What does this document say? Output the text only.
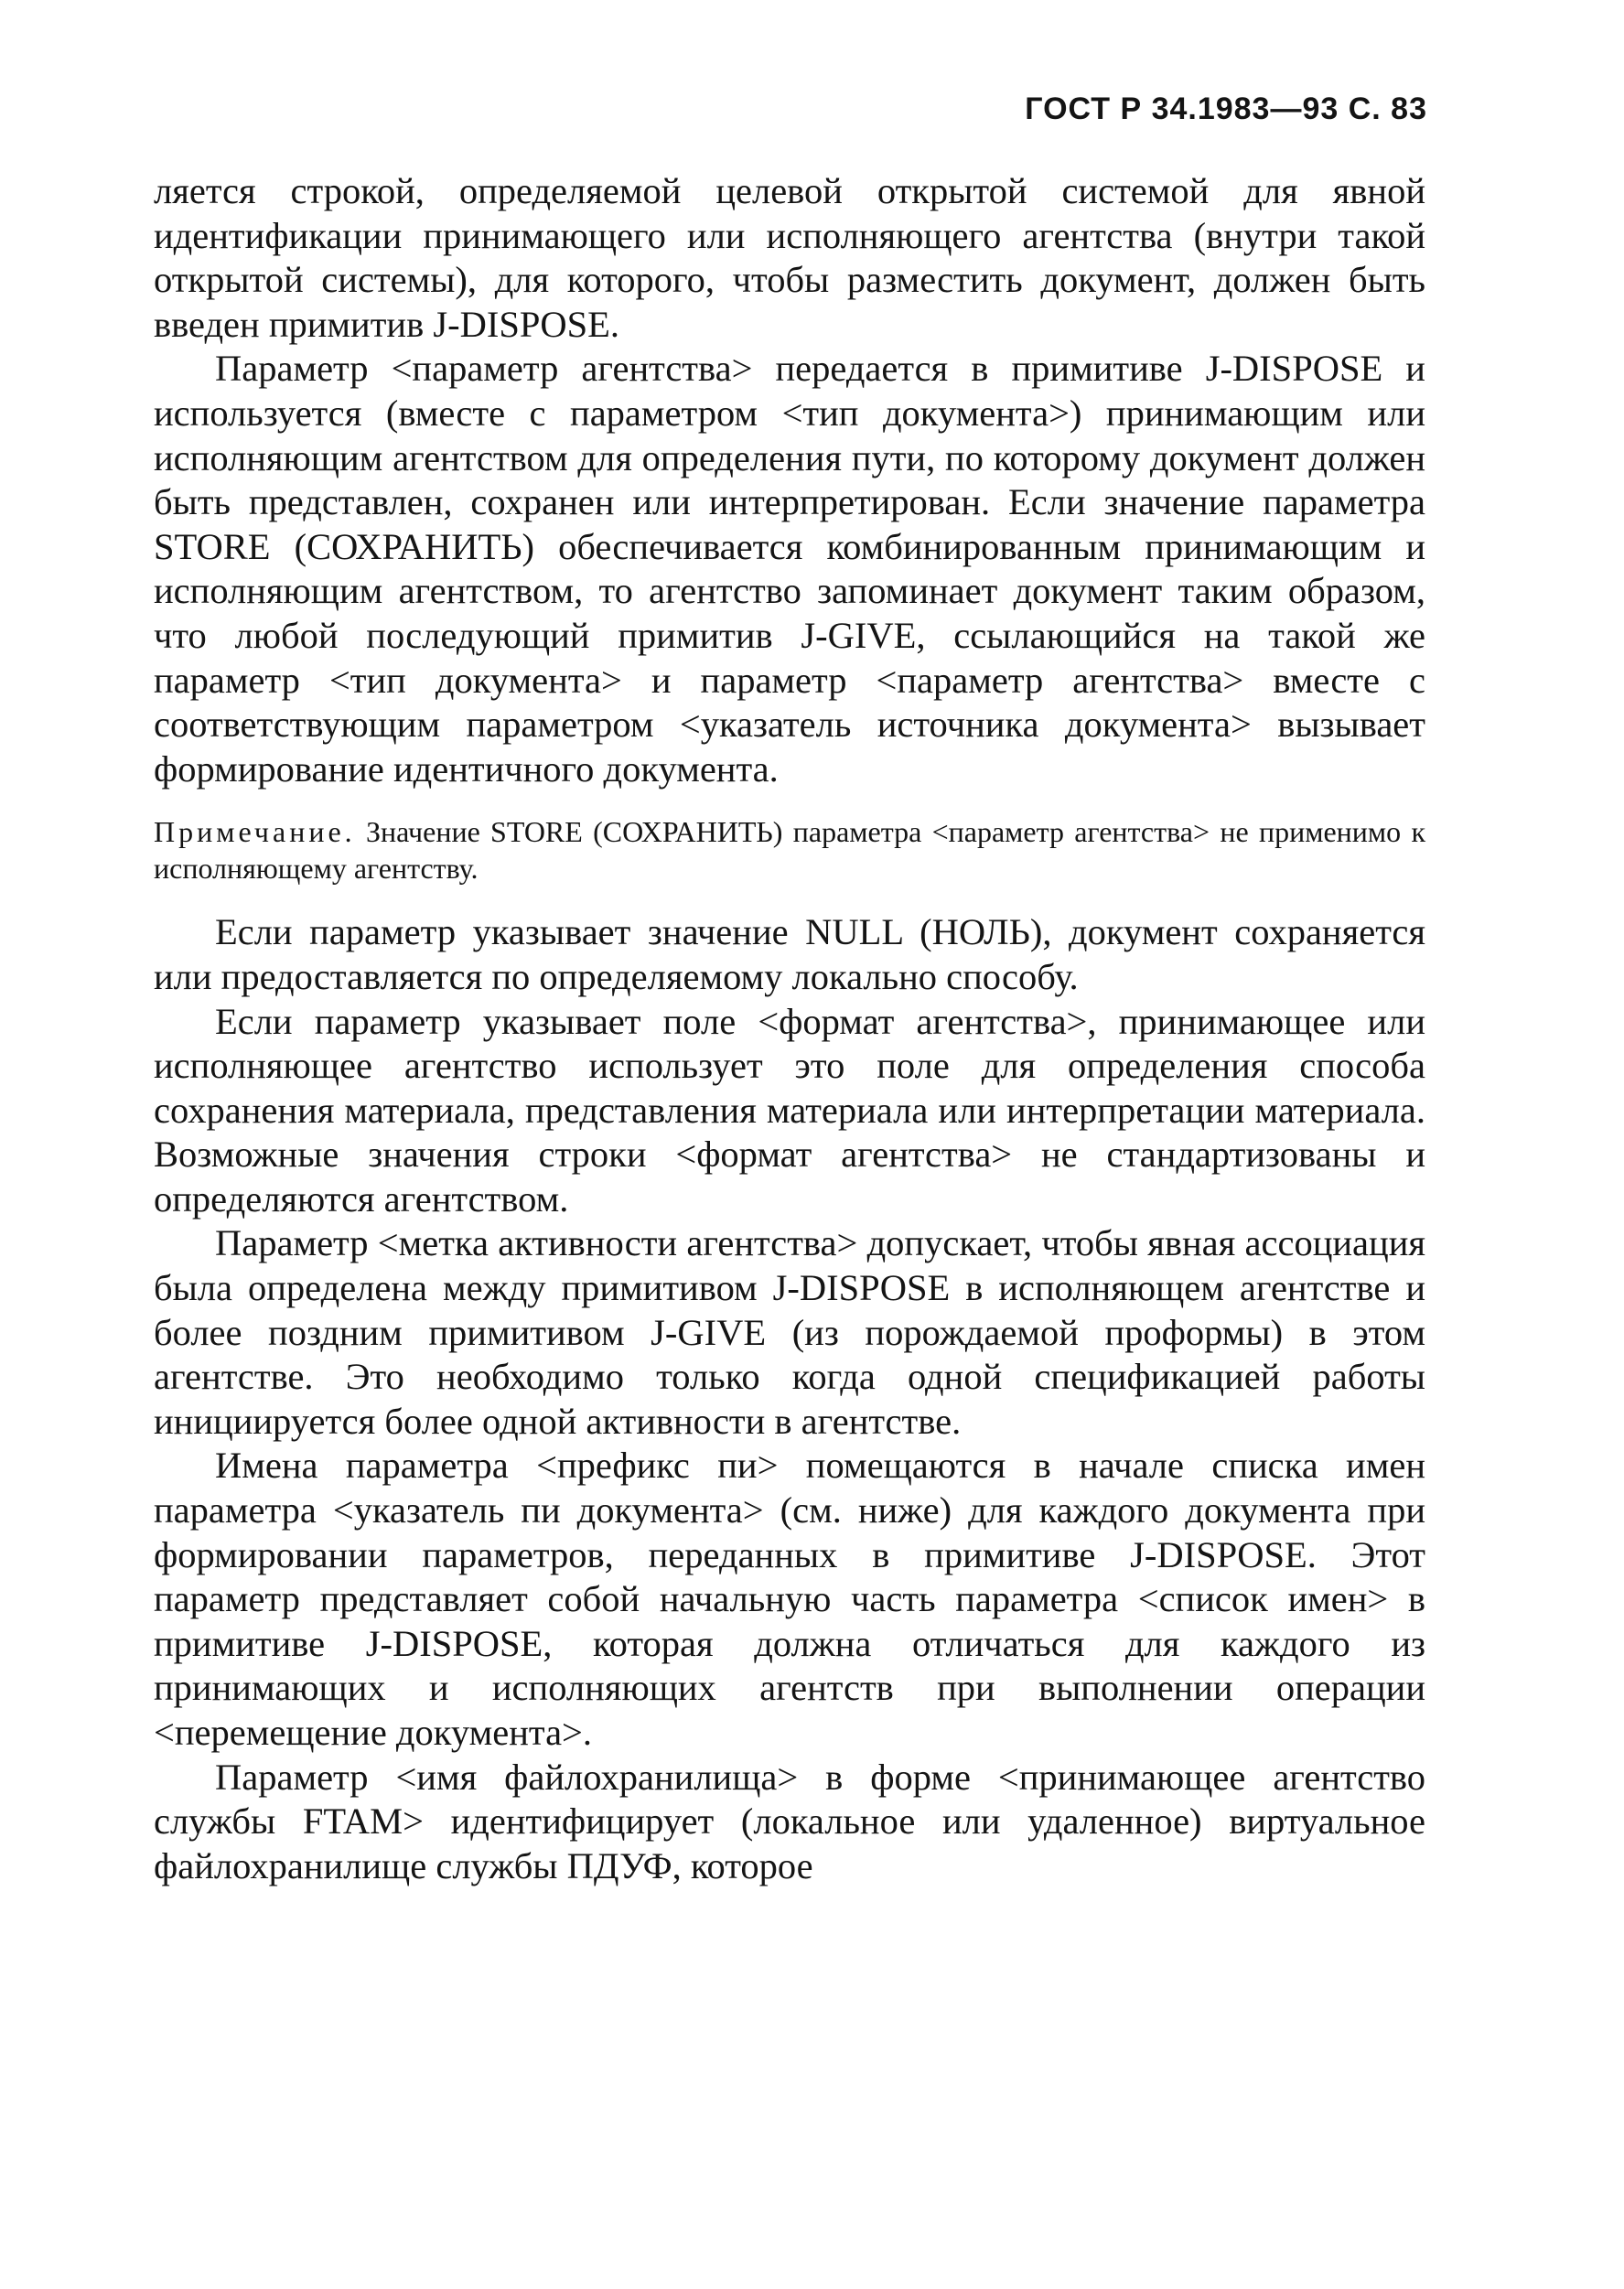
ГОСТ Р 34.1983—93 С. 83

ляется строкой, определяемой целевой открытой системой для явной идентификации принимающего или исполняющего агентства (внутри такой открытой системы), для которого, чтобы разместить документ, должен быть введен примитив J-DISPOSE.

Параметр <параметр агентства> передается в примитиве J-DISPOSE и используется (вместе с параметром <тип документа>) принимающим или исполняющим агентством для определения пути, по которому документ должен быть представлен, сохранен или интерпретирован. Если значение параметра STORE (СОХРАНИТЬ) обеспечивается комбинированным принимающим и исполняющим агентством, то агентство запоминает документ таким образом, что любой последующий примитив J-GIVE, ссылающийся на такой же параметр <тип документа> и параметр <параметр агентства> вместе с соответствующим параметром <указатель источника документа> вызывает формирование идентичного документа.

Примечание. Значение STORE (СОХРАНИТЬ) параметра <параметр агентства> не применимо к исполняющему агентству.

Если параметр указывает значение NULL (НОЛЬ), документ сохраняется или предоставляется по определяемому локально способу.

Если параметр указывает поле <формат агентства>, принимающее или исполняющее агентство использует это поле для определения способа сохранения материала, представления материала или интерпретации материала. Возможные значения строки <формат агентства> не стандартизованы и определяются агентством.

Параметр <метка активности агентства> допускает, чтобы явная ассоциация была определена между примитивом J-DISPOSE в исполняющем агентстве и более поздним примитивом J-GIVE (из порождаемой проформы) в этом агентстве. Это необходимо только когда одной спецификацией работы инициируется более одной активности в агентстве.

Имена параметра <префикс пи> помещаются в начале списка имен параметра <указатель пи документа> (см. ниже) для каждого документа при формировании параметров, переданных в примитиве J-DISPOSE. Этот параметр представляет собой начальную часть параметра <список имен> в примитиве J-DISPOSE, которая должна отличаться для каждого из принимающих и исполняющих агентств при выполнении операции <перемещение документа>.

Параметр <имя файлохранилища> в форме <принимающее агентство службы FTAM> идентифицирует (локальное или удаленное) виртуальное файлохранилище службы ПДУФ, которое
